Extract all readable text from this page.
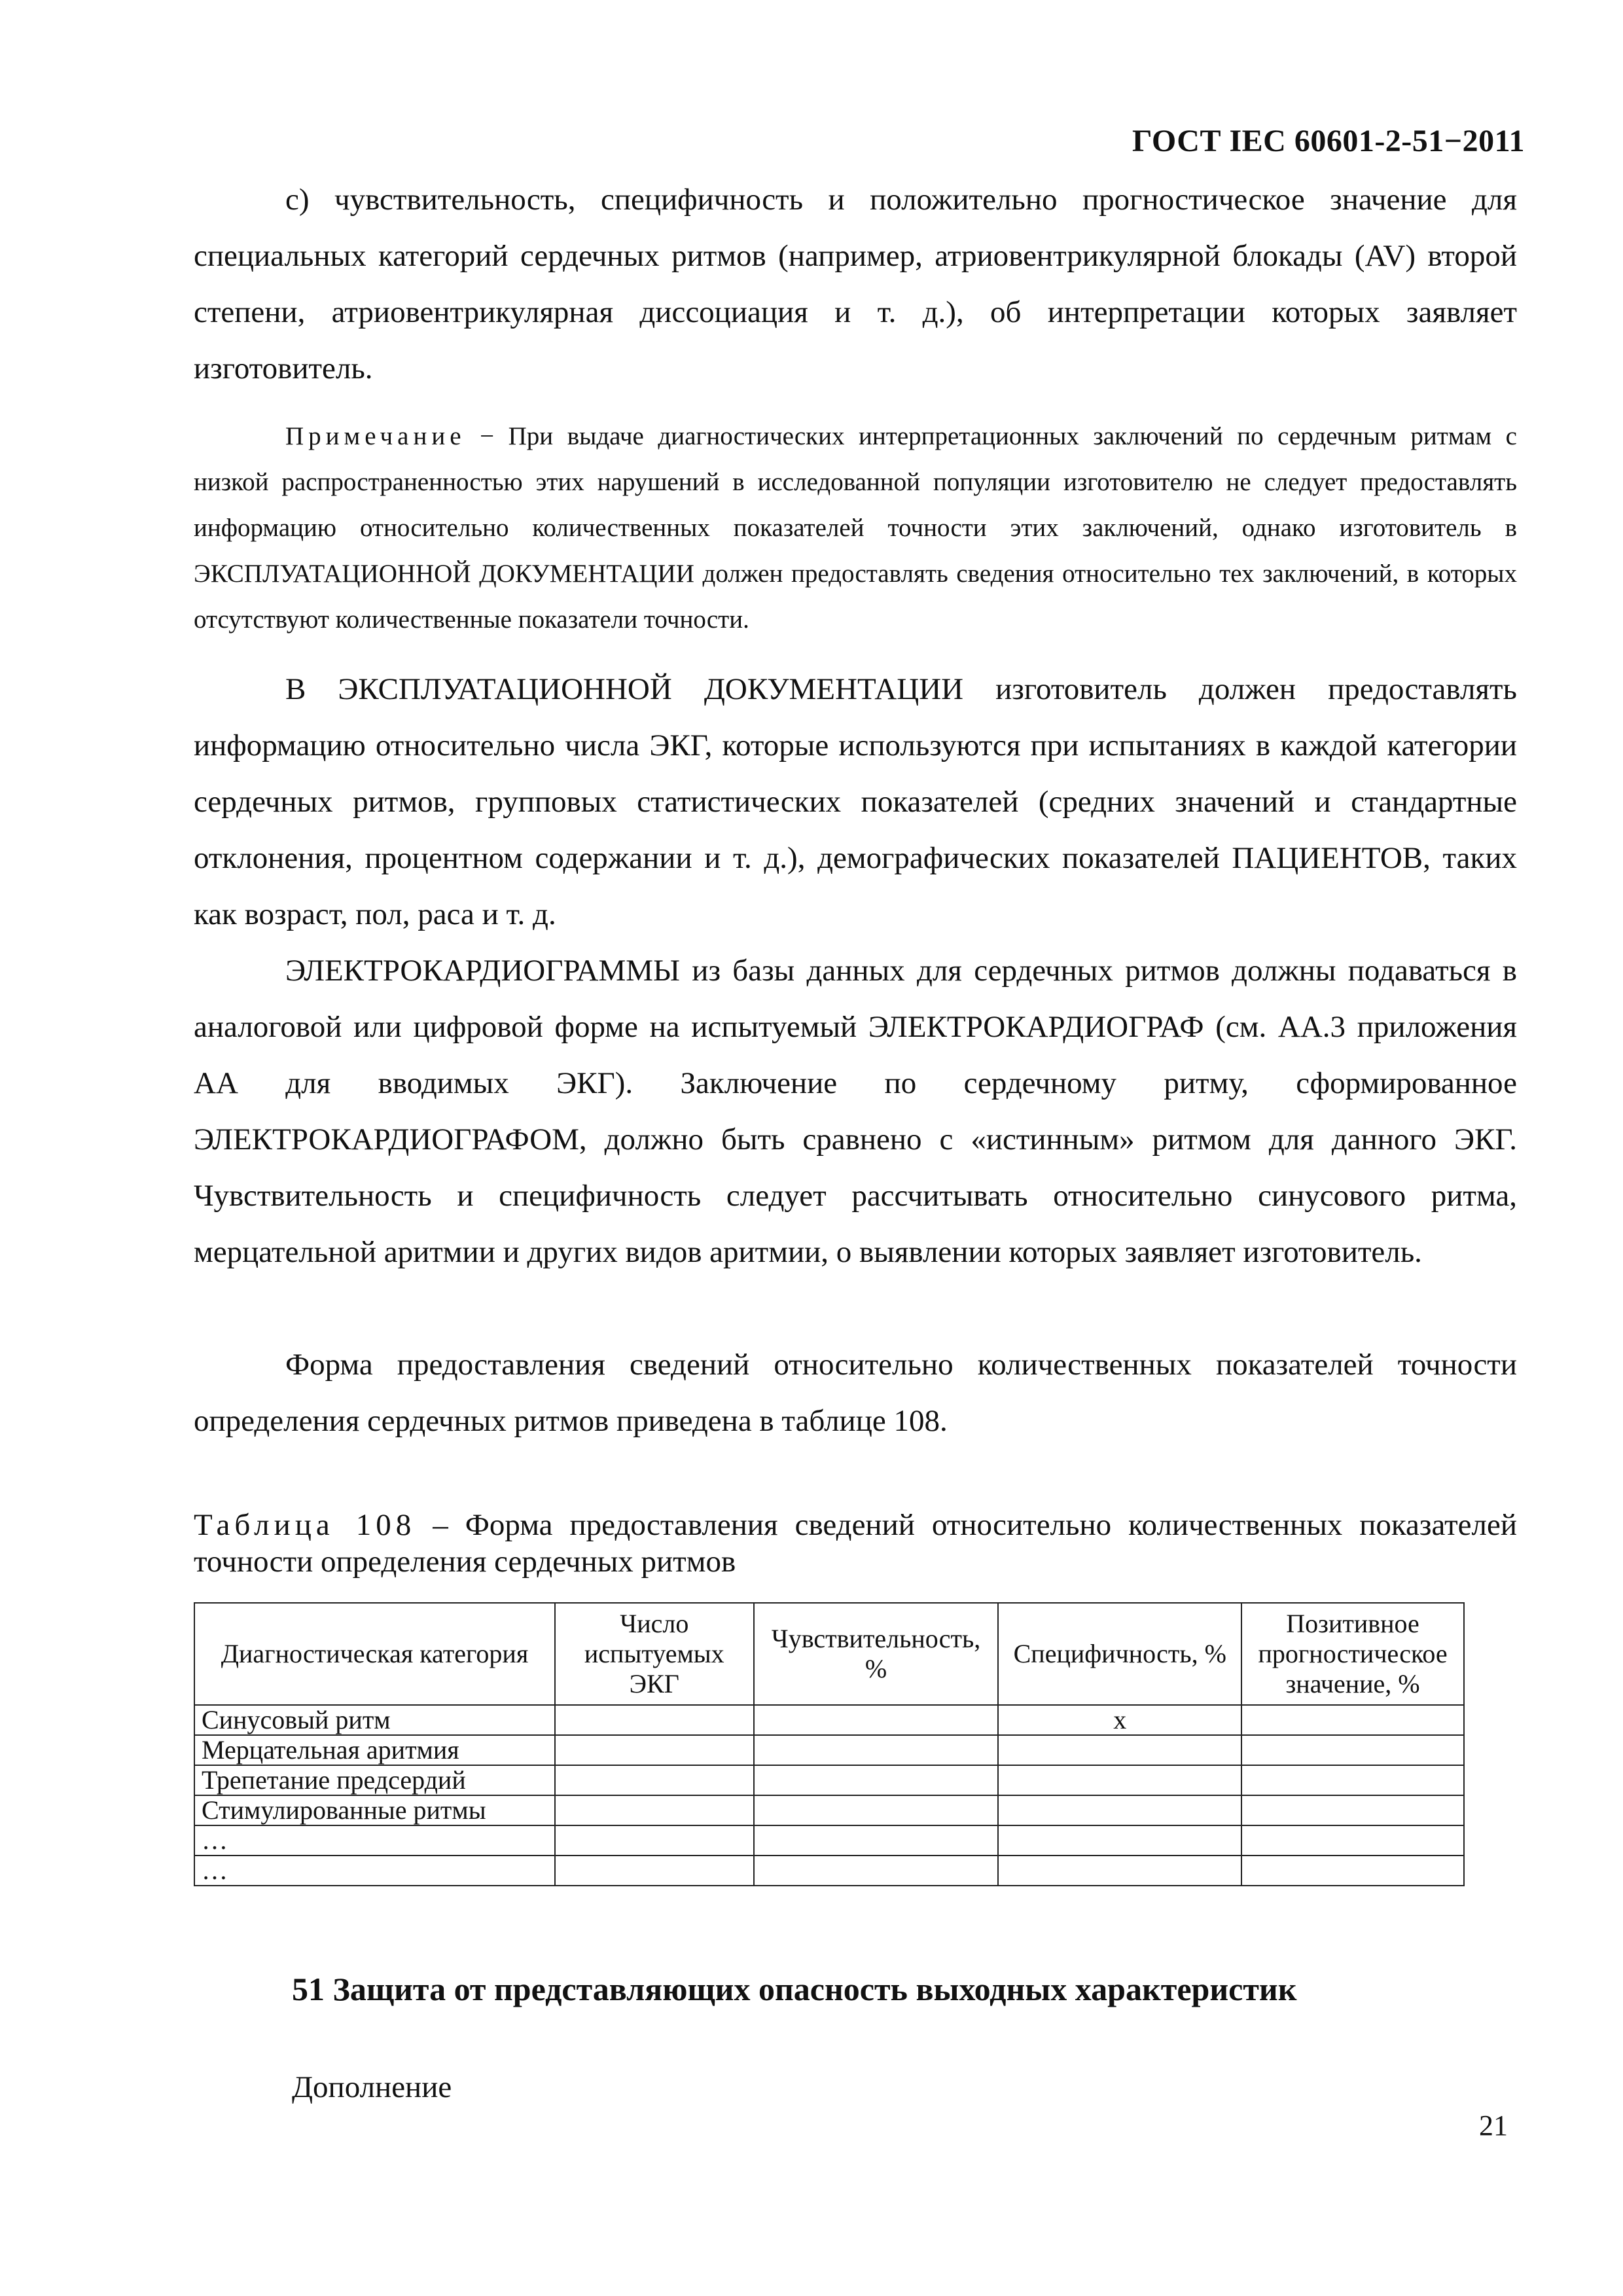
ГОСТ IEC 60601-2-51−2011

с) чувствительность, специфичность и положительно прогностическое значение для специальных категорий сердечных ритмов (например, атриовентрикулярной блокады (AV) второй степени, атриовентрикулярная диссоциация и т. д.), об интерпретации которых заявляет изготовитель.

Примечание − При выдаче диагностических интерпретационных заключений по сердечным ритмам с низкой распространенностью этих нарушений в исследованной популяции изготовителю не следует предоставлять информацию относительно количественных показателей точности этих заключений, однако изготовитель в ЭКСПЛУАТАЦИОННОЙ ДОКУМЕНТАЦИИ должен предоставлять сведения относительно тех заключений, в которых отсутствуют количественные показатели точности.

В ЭКСПЛУАТАЦИОННОЙ ДОКУМЕНТАЦИИ изготовитель должен предоставлять информацию относительно числа ЭКГ, которые используются при испытаниях в каждой категории сердечных ритмов, групповых статистических показателей (средних значений и стандартные отклонения, процентном содержании и т. д.), демографических показателей ПАЦИЕНТОВ, таких как возраст, пол, раса и т. д.

ЭЛЕКТРОКАРДИОГРАММЫ из базы данных для сердечных ритмов должны подаваться в аналоговой или цифровой форме на испытуемый ЭЛЕКТРОКАРДИОГРАФ (см. АА.3 приложения АА для вводимых ЭКГ). Заключение по сердечному ритму, сформированное ЭЛЕКТРОКАРДИОГРАФОМ, должно быть сравнено с «истинным» ритмом для данного ЭКГ. Чувствительность и специфичность следует рассчитывать относительно синусового ритма, мерцательной аритмии и других видов аритмии, о выявлении которых заявляет изготовитель.

Форма предоставления сведений относительно количественных показателей точности определения сердечных ритмов приведена в таблице 108.

Таблица 108 – Форма предоставления сведений относительно количественных показателей точности определения сердечных ритмов

Диагностическая категория	Число испытуемых ЭКГ	Чувствительность, %	Специфичность, %	Позитивное прогностическое значение, %
Синусовый ритм			х	
Мерцательная аритмия				
Трепетание предсердий				
Стимулированные ритмы				
…				
…				

51 Защита от представляющих опасность выходных характеристик

Дополнение

21
